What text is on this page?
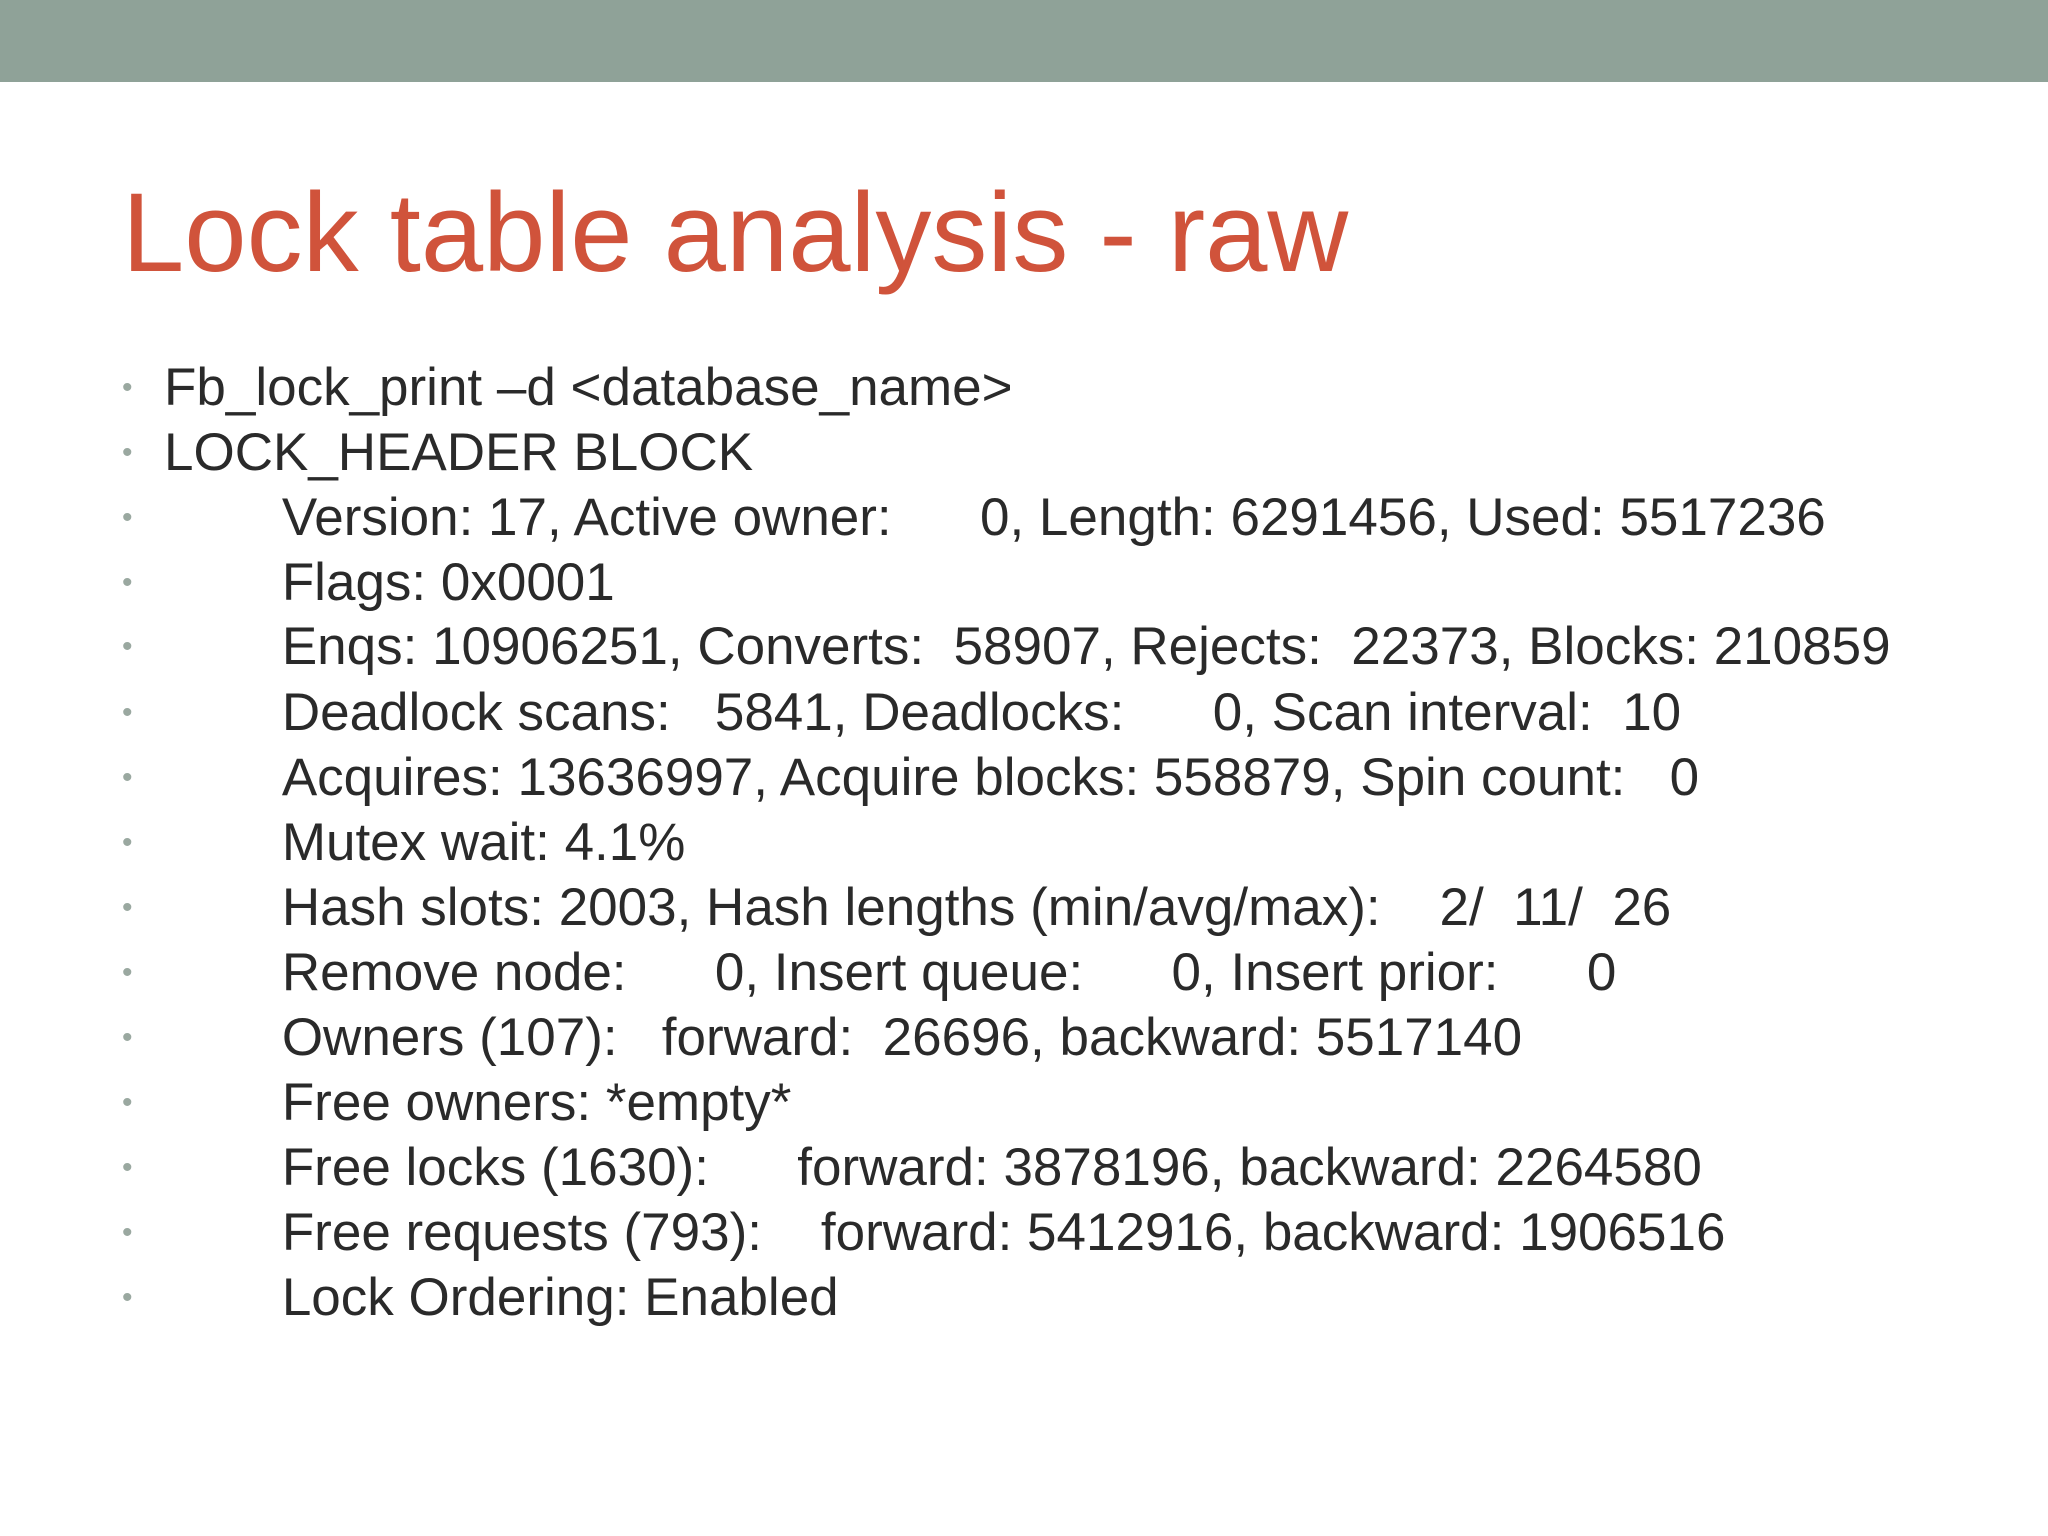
Lock table analysis - raw
• Fb_lock_print –d <database_name>
• LOCK_HEADER BLOCK
• Version: 17, Active owner:      0, Length: 6291456, Used: 5517236
• Flags: 0x0001
• Enqs: 10906251, Converts:  58907, Rejects:  22373, Blocks: 210859
• Deadlock scans:   5841, Deadlocks:      0, Scan interval:  10
• Acquires: 13636997, Acquire blocks: 558879, Spin count:   0
• Mutex wait: 4.1%
• Hash slots: 2003, Hash lengths (min/avg/max):    2/  11/  26
• Remove node:      0, Insert queue:      0, Insert prior:      0
• Owners (107):   forward:  26696, backward: 5517140
• Free owners: *empty*
• Free locks (1630):      forward: 3878196, backward: 2264580
• Free requests (793):    forward: 5412916, backward: 1906516
• Lock Ordering: Enabled
